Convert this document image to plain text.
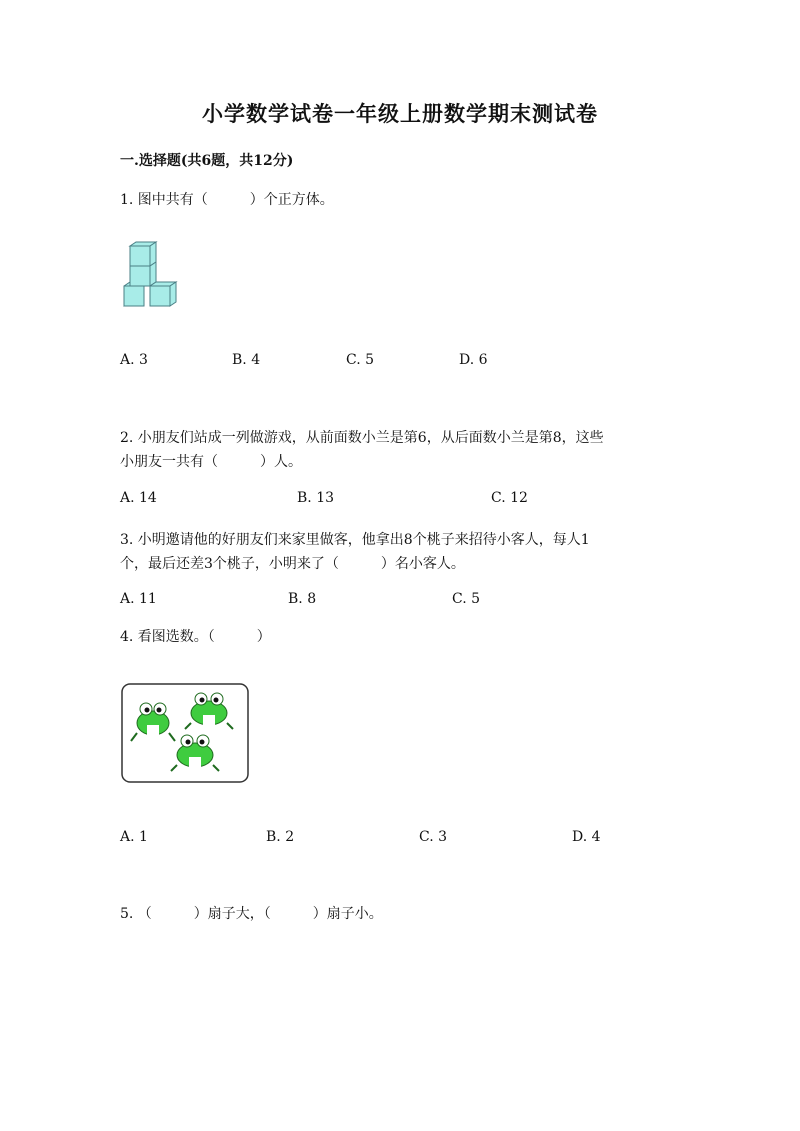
小学数学试卷一年级上册数学期末测试卷
一.选择题(共6题，共12分)
1. 图中共有（　　　）个正方体。
A. 3	B. 4	C. 5	D. 6
2. 小朋友们站成一列做游戏，从前面数小兰是第6，从后面数小兰是第8，这些
小朋友一共有（　　　）人。
A. 14	B. 13	C. 12
3. 小明邀请他的好朋友们来家里做客，他拿出8个桃子来招待小客人，每人1
个，最后还差3个桃子，小明来了（　　　）名小客人。
A. 11	B. 8	C. 5
4. 看图选数。（　　　）
A. 1	B. 2	C. 3	D. 4
5. （　　　）扇子大，（　　　）扇子小。
